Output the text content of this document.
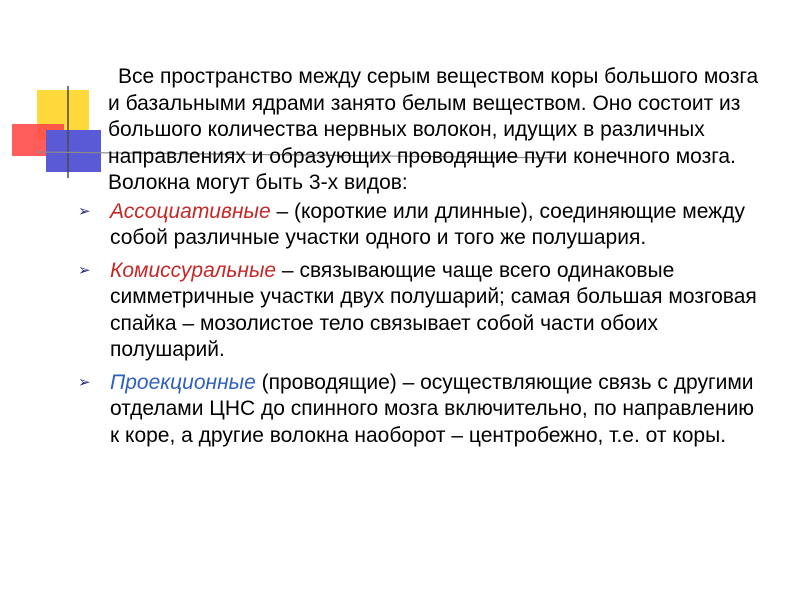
Все пространство между серым веществом коры большого мозга и базальными ядрами занято белым веществом. Оно состоит из большого количества нервных волокон, идущих в различных направлениях и образующих проводящие пути конечного мозга. Волокна могут быть 3-х видов:

➢ Ассоциативные – (короткие или длинные), соединяющие между собой различные участки одного и того же полушария.
➢ Комиссуральные – связывающие чаще всего одинаковые симметричные участки двух полушарий; самая большая мозговая спайка – мозолистое тело связывает собой части обоих полушарий.
➢ Проекционные (проводящие) – осуществляющие связь с другими отделами ЦНС до спинного мозга включительно, по направлению к коре, а другие волокна наоборот – центробежно, т.е. от коры.
